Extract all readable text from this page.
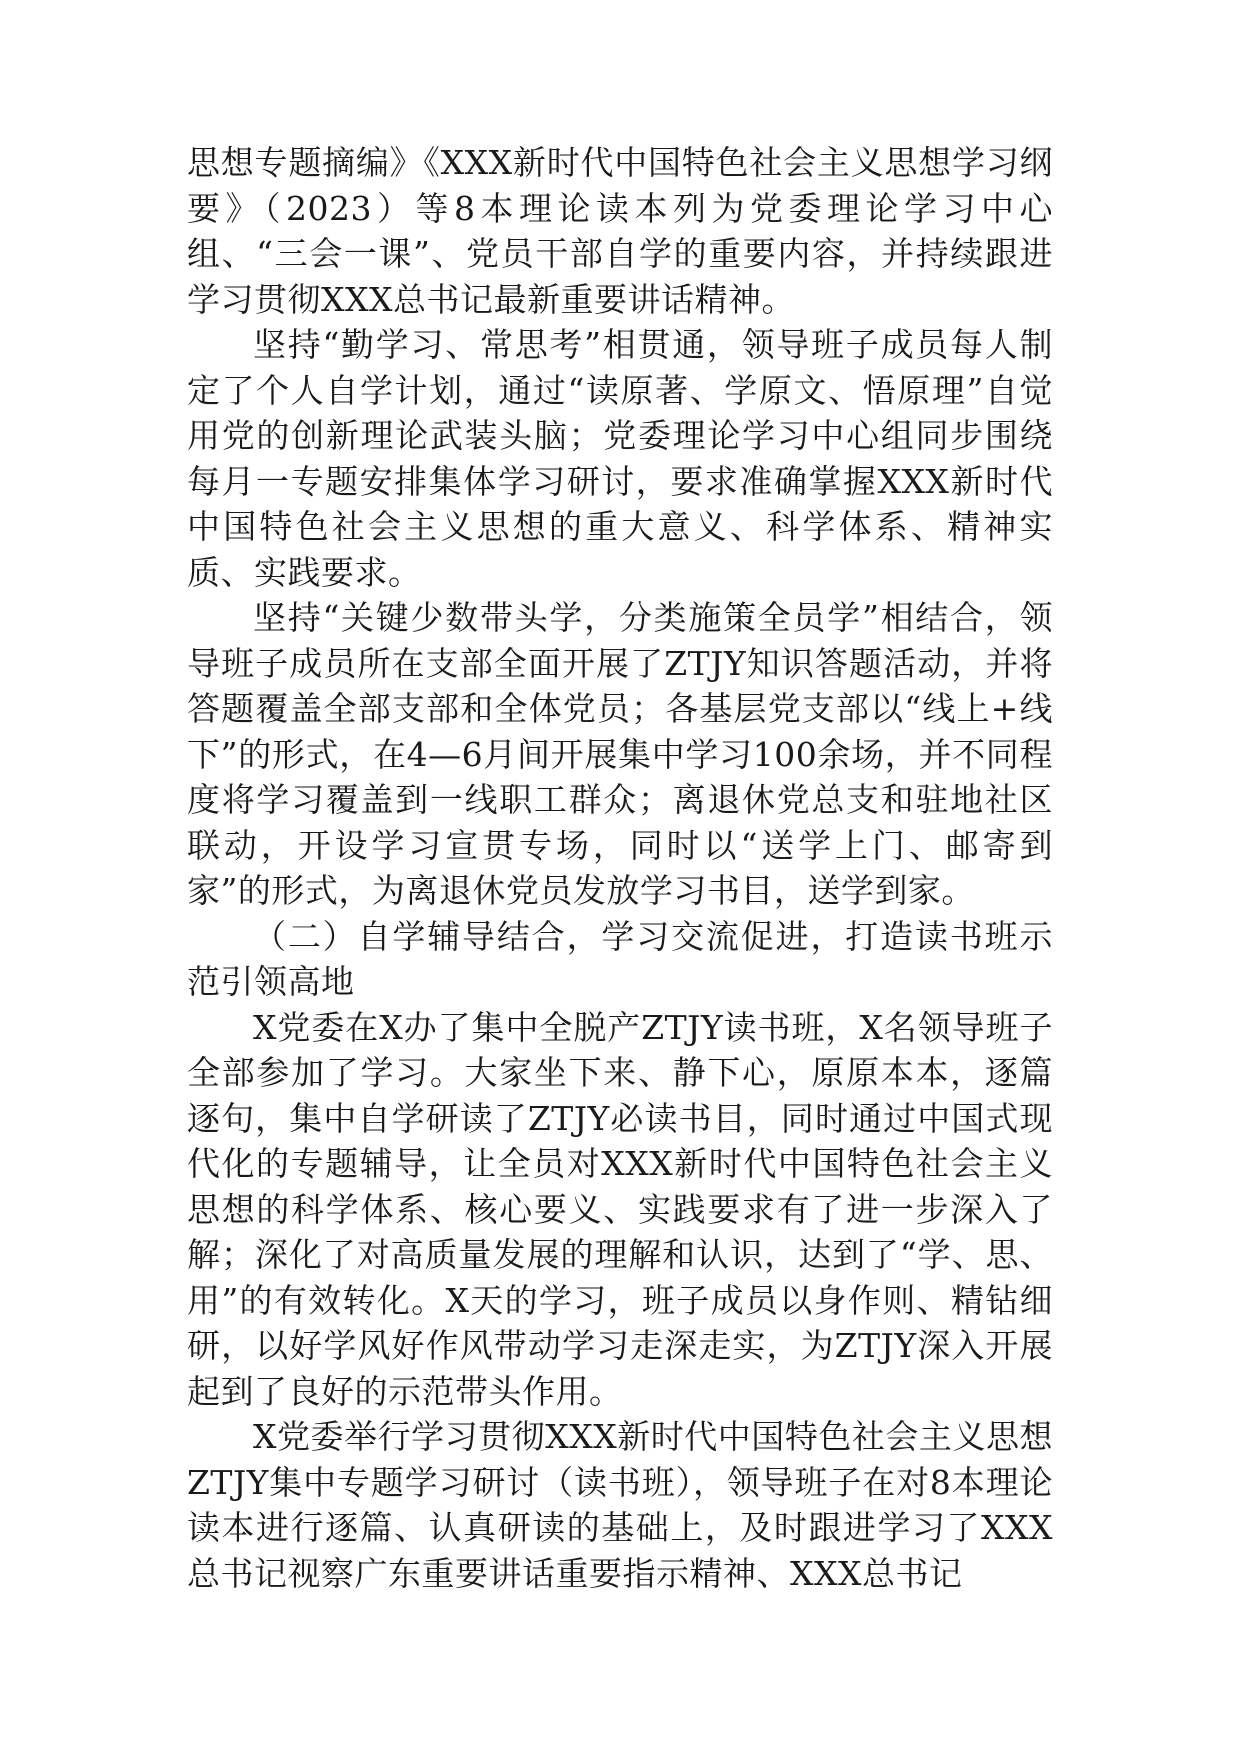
思想专题摘编》《XXX新时代中国特色社会主义思想学习纲要》（2023）等8本理论读本列为党委理论学习中心组、“三会一课”、党员干部自学的重要内容，并持续跟进学习贯彻XXX总书记最新重要讲话精神。

坚持“勤学习、常思考”相贯通，领导班子成员每人制定了个人自学计划，通过“读原著、学原文、悟原理”自觉用党的创新理论武装头脑；党委理论学习中心组同步围绕每月一专题安排集体学习研讨，要求准确掌握XXX新时代中国特色社会主义思想的重大意义、科学体系、精神实质、实践要求。

坚持“关键少数带头学，分类施策全员学”相结合，领导班子成员所在支部全面开展了ZTJY知识答题活动，并将答题覆盖全部支部和全体党员；各基层党支部以“线上+线下”的形式，在4—6月间开展集中学习100余场，并不同程度将学习覆盖到一线职工群众；离退休党总支和驻地社区联动，开设学习宣贯专场，同时以“送学上门、邮寄到家”的形式，为离退休党员发放学习书目，送学到家。

（二）自学辅导结合，学习交流促进，打造读书班示范引领高地

X党委在X办了集中全脱产ZTJY读书班，X名领导班子全部参加了学习。大家坐下来、静下心，原原本本，逐篇逐句，集中自学研读了ZTJY必读书目，同时通过中国式现代化的专题辅导，让全员对XXX新时代中国特色社会主义思想的科学体系、核心要义、实践要求有了进一步深入了解；深化了对高质量发展的理解和认识，达到了“学、思、用”的有效转化。X天的学习，班子成员以身作则、精钻细研，以好学风好作风带动学习走深走实，为ZTJY深入开展起到了良好的示范带头作用。

X党委举行学习贯彻XXX新时代中国特色社会主义思想ZTJY集中专题学习研讨（读书班），领导班子在对8本理论读本进行逐篇、认真研读的基础上，及时跟进学习了XXX总书记视察广东重要讲话重要指示精神、XXX总书记
